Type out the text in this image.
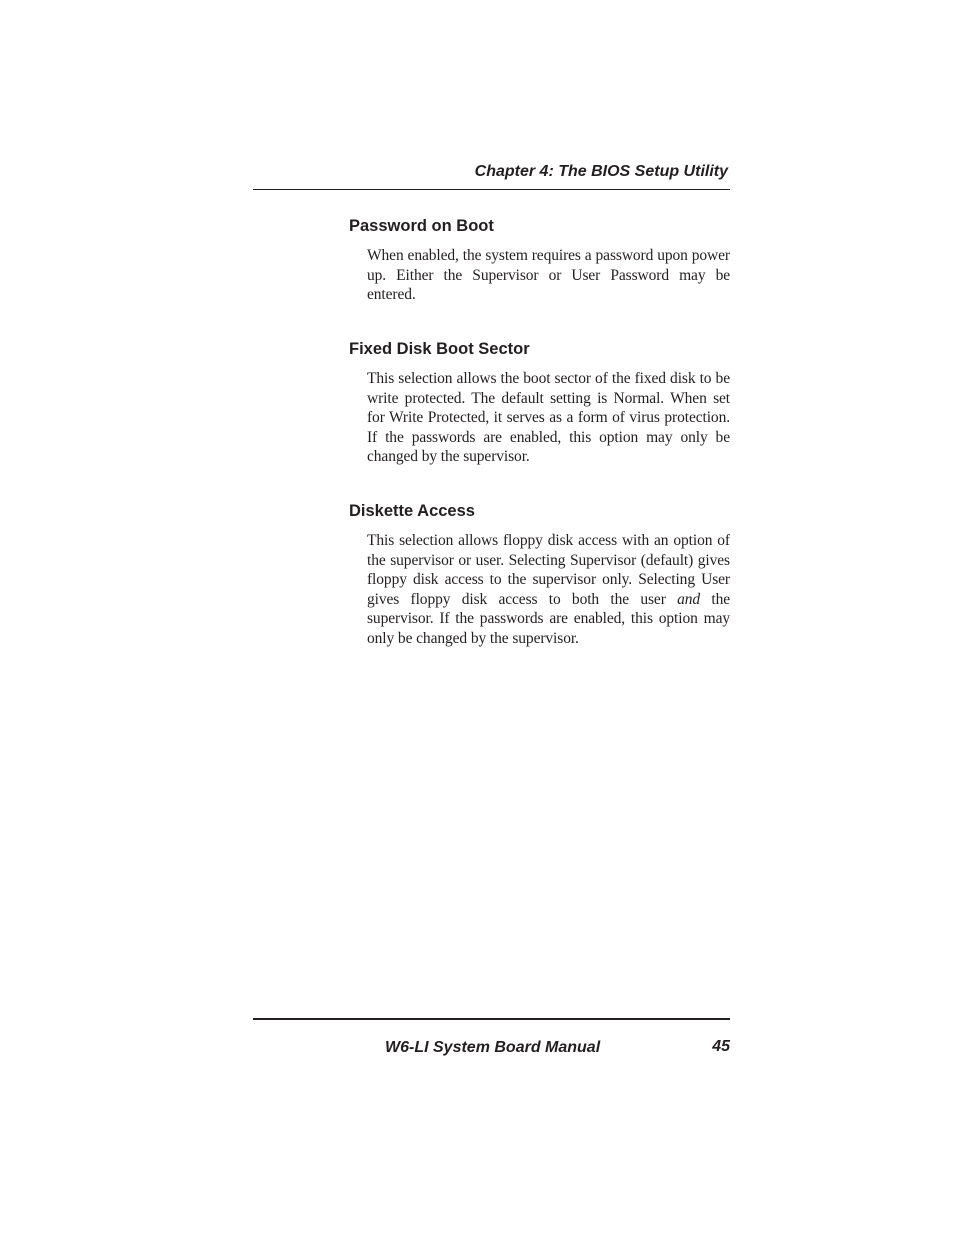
Chapter 4: The BIOS Setup Utility
Password on Boot

When enabled, the system requires a password upon power up. Either the Supervisor or User Password may be entered.

Fixed Disk Boot Sector

This selection allows the boot sector of the fixed disk to be write protected. The default setting is Normal. When set for Write Protected, it serves as a form of virus protection. If the passwords are enabled, this option may only be changed by the supervisor.

Diskette Access

This selection allows floppy disk access with an option of the supervisor or user. Selecting Supervisor (default) gives floppy disk access to the supervisor only. Selecting User gives floppy disk access to both the user and the supervisor. If the passwords are enabled, this option may only be changed by the supervisor.

W6-LI System Board Manual	45
